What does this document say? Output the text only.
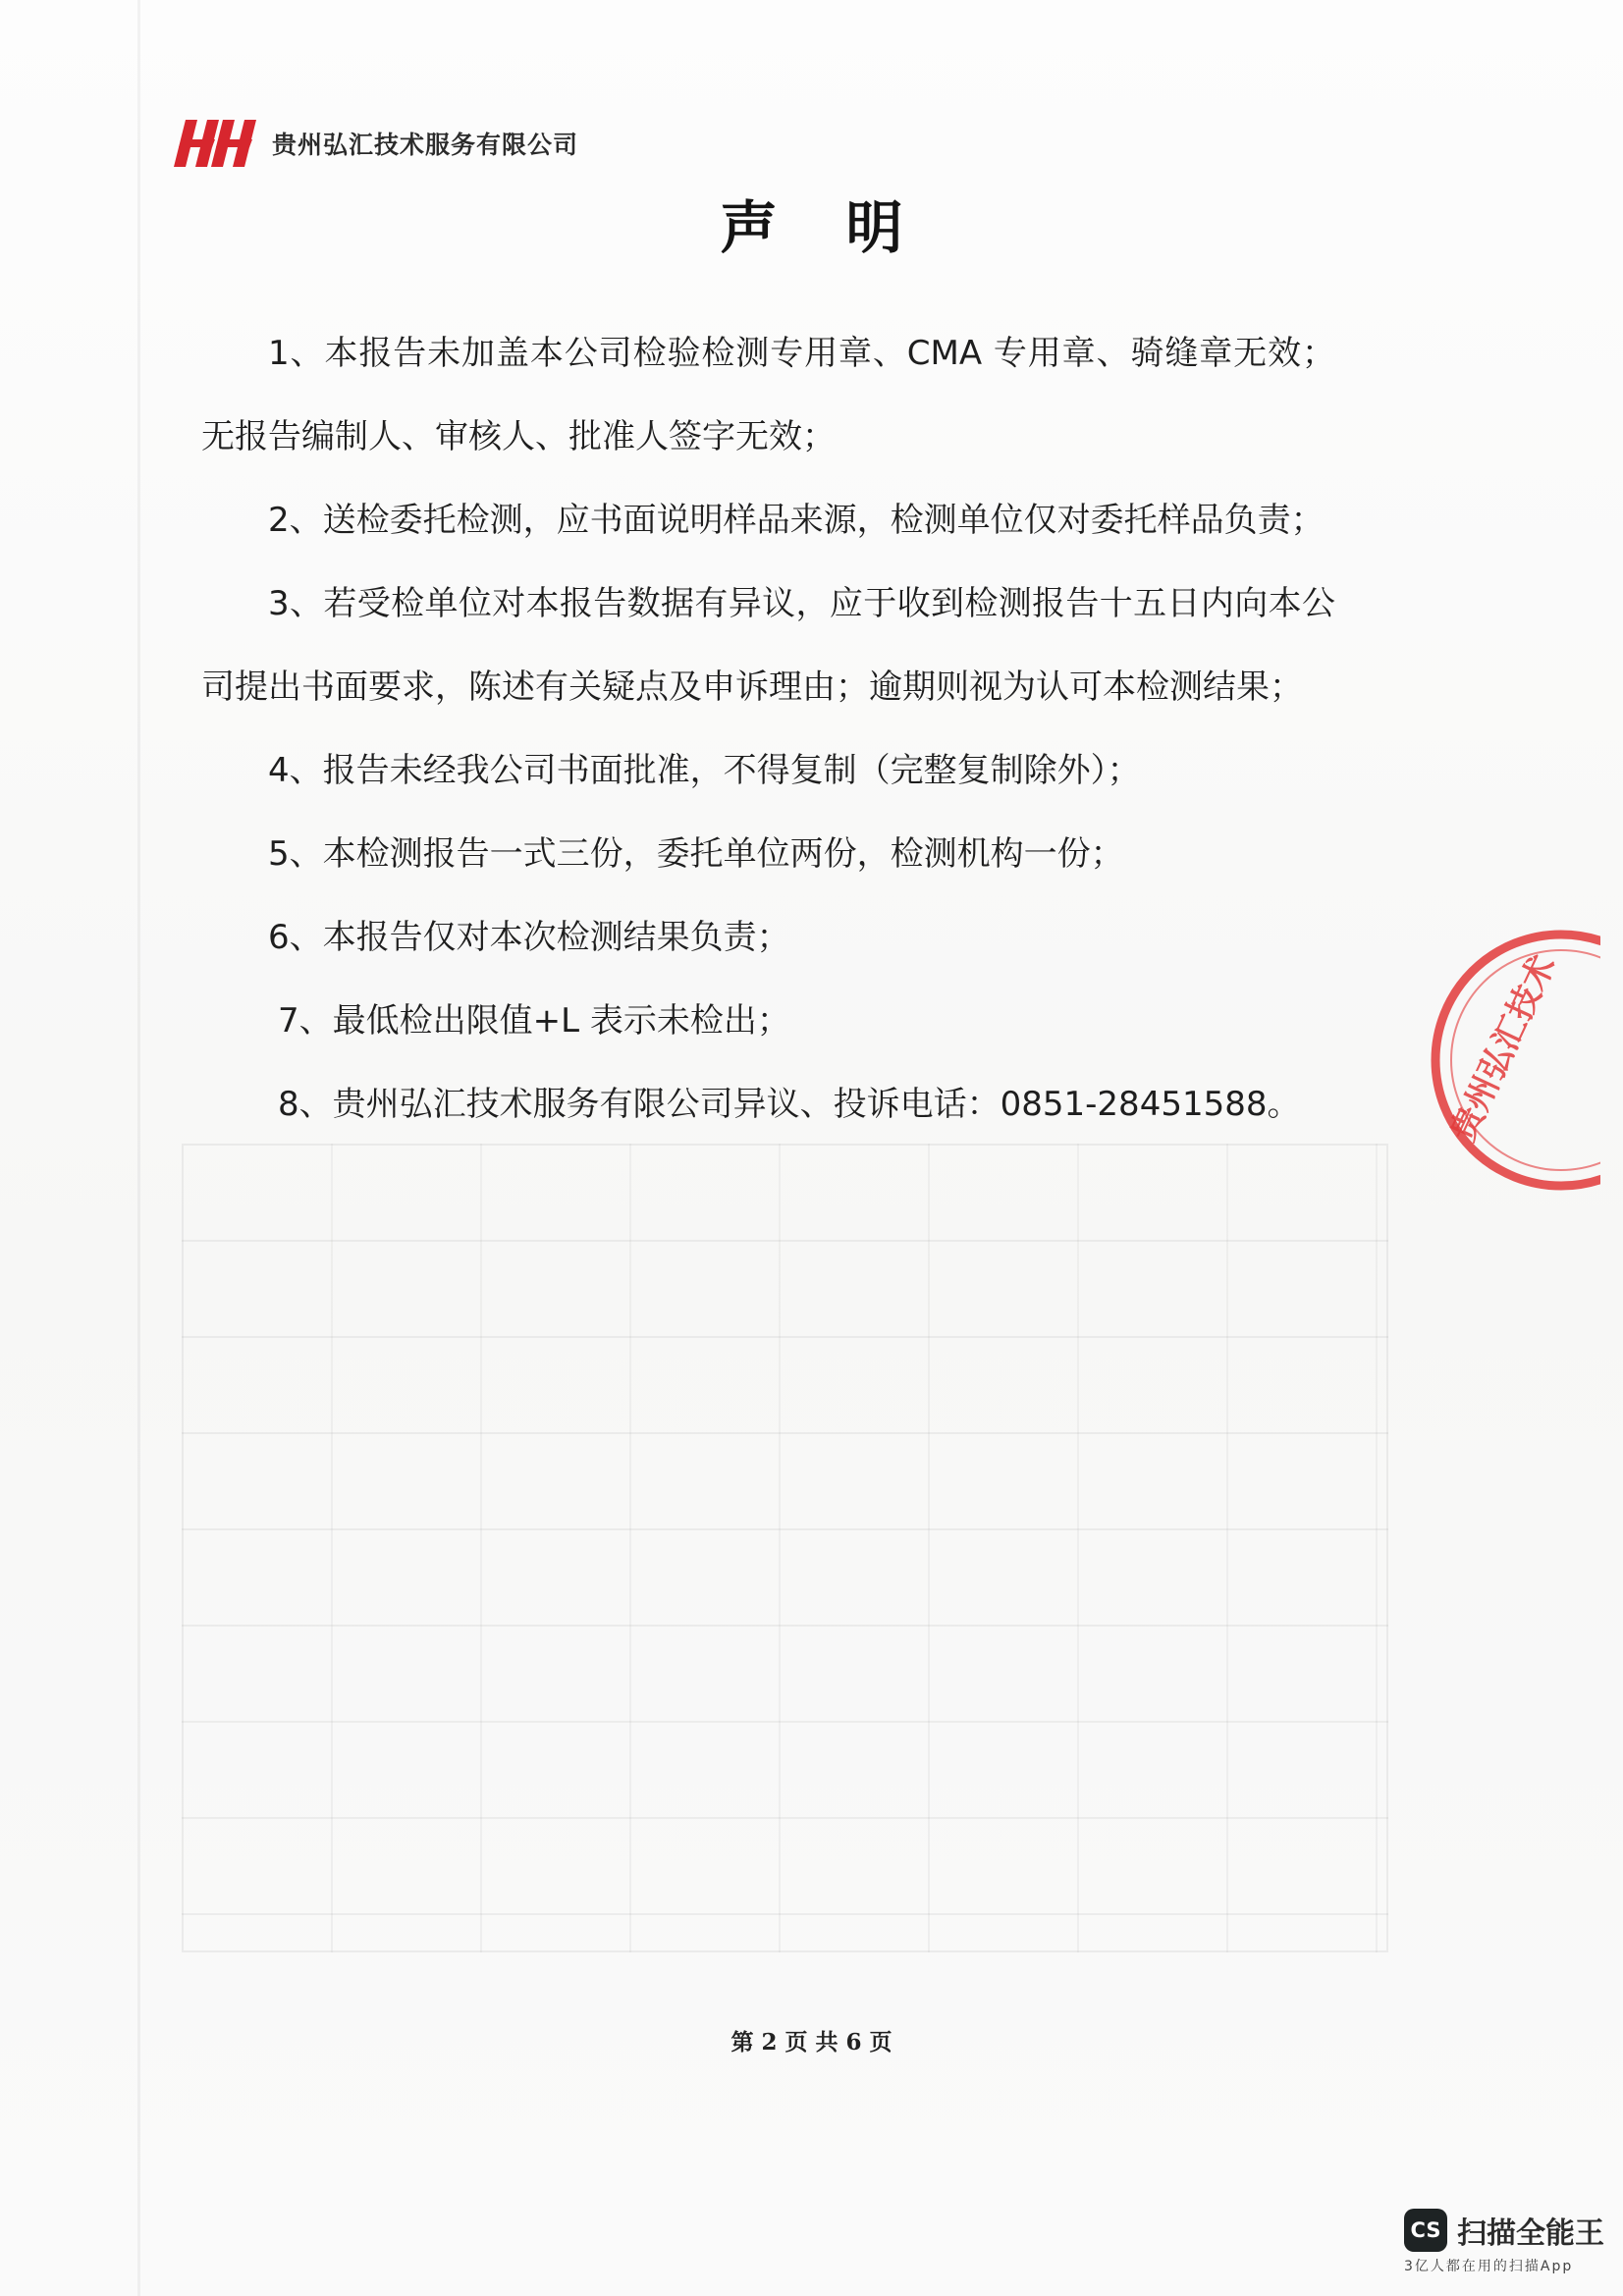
贵州弘汇技术服务有限公司
声明

1、本报告未加盖本公司检验检测专用章、CMA 专用章、骑缝章无效；无报告编制人、审核人、批准人签字无效；

2、送检委托检测，应书面说明样品来源，检测单位仅对委托样品负责；

3、若受检单位对本报告数据有异议，应于收到检测报告十五日内向本公司提出书面要求，陈述有关疑点及申诉理由；逾期则视为认可本检测结果；

4、报告未经我公司书面批准，不得复制（完整复制除外）；

5、本检测报告一式三份，委托单位两份，检测机构一份；

6、本报告仅对本次检测结果负责；

7、最低检出限值+L 表示未检出；

8、贵州弘汇技术服务有限公司异议、投诉电话：0851-28451588。	贵州弘汇技术
第 2 页 共 6 页
CS 扫描全能王
3亿人都在用的扫描App
